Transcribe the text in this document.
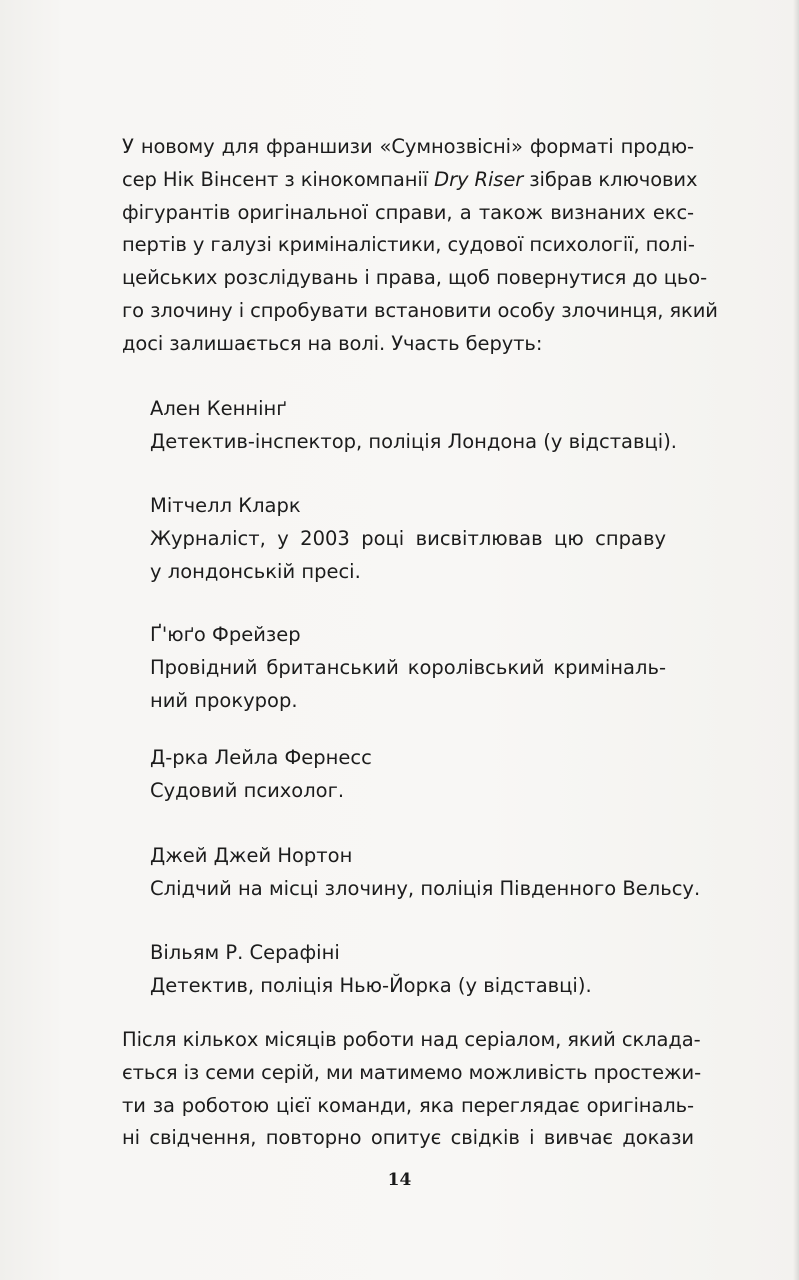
У новому для франшизи «Сумнозвісні» форматі продю-
сер Нік Вінсент з кінокомпанії Dry Riser зібрав ключових
фігурантів оригінальної справи, а також визнаних екс-
пертів у галузі криміналістики, судової психології, полі-
цейських розслідувань і права, щоб повернутися до цьо-
го злочину і спробувати встановити особу злочинця, який
досі залишається на волі. Участь беруть:
Ален Кеннінґ
Детектив-інспектор, поліція Лондона (у відставці).
Мітчелл Кларк
Журналіст, у 2003 році висвітлював цю справу
у лондонській пресі.
Ґ'юґо Фрейзер
Провідний британський королівський криміналь-
ний прокурор.
Д-рка Лейла Фернесс
Судовий психолог.
Джей Джей Нортон
Слідчий на місці злочину, поліція Південного Вельсу.
Вільям Р. Серафіні
Детектив, поліція Нью-Йорка (у відставці).
Після кількох місяців роботи над серіалом, який склада-
ється із семи серій, ми матимемо можливість простежи-
ти за роботою цієї команди, яка переглядає оригіналь-
ні свідчення, повторно опитує свідків і вивчає докази
14
